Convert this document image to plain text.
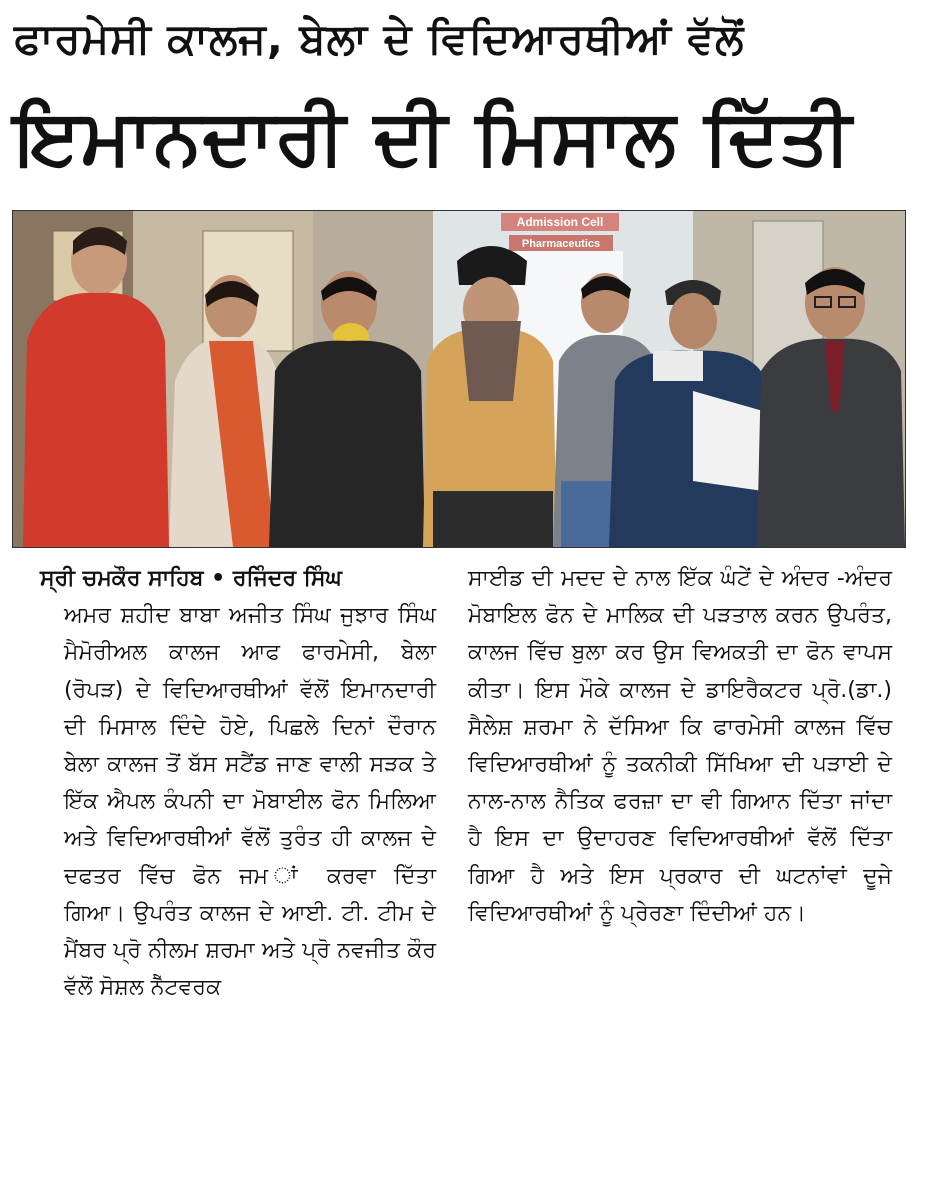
ਫਾਰਮੇਸੀ ਕਾਲਜ, ਬੇਲਾ ਦੇ ਵਿਦਿਆਰਥੀਆਂ ਵੱਲੋਂ
ਇਮਾਨਦਾਰੀ ਦੀ ਮਿਸਾਲ ਦਿੱਤੀ
Admission Cell
Pharmaceutics
ਸ੍ਰੀ ਚਮਕੌਰ ਸਾਹਿਬ • ਰਜਿੰਦਰ ਸਿੰਘ
ਅਮਰ ਸ਼ਹੀਦ ਬਾਬਾ ਅਜੀਤ ਸਿੰਘ ਜੁਝਾਰ ਸਿੰਘ ਮੈਮੋਰੀਅਲ ਕਾਲਜ ਆਫ ਫਾਰਮੇਸੀ, ਬੇਲਾ (ਰੋਪੜ) ਦੇ ਵਿਦਿਆਰਥੀਆਂ ਵੱਲੋਂ ਇਮਾਨਦਾਰੀ ਦੀ ਮਿਸਾਲ ਦਿੰਦੇ ਹੋਏ, ਪਿਛਲੇ ਦਿਨਾਂ ਦੌਰਾਨ ਬੇਲਾ ਕਾਲਜ ਤੋਂ ਬੱਸ ਸਟੈਂਡ ਜਾਣ ਵਾਲੀ ਸੜਕ ਤੇ ਇੱਕ ਐਪਲ ਕੰਪਨੀ ਦਾ ਮੋਬਾਈਲ ਫੋਨ ਮਿਲਿਆ ਅਤੇ ਵਿਦਿਆਰਥੀਆਂ ਵੱਲੋਂ ਤੁਰੰਤ ਹੀ ਕਾਲਜ ਦੇ ਦਫਤਰ ਵਿੱਚ ਫੋਨ ਜਮ ਾਂ ਕਰਵਾ ਦਿੱਤਾ ਗਿਆ। ਉਪਰੰਤ ਕਾਲਜ ਦੇ ਆਈ. ਟੀ. ਟੀਮ ਦੇ ਮੈਂਬਰ ਪ੍ਰੋ ਨੀਲਮ ਸ਼ਰਮਾ ਅਤੇ ਪ੍ਰੋ ਨਵਜੀਤ ਕੌਰ ਵੱਲੋਂ ਸੋਸ਼ਲ ਨੈੱਟਵਰਕ
ਸਾਈਡ ਦੀ ਮਦਦ ਦੇ ਨਾਲ ਇੱਕ ਘੰਟੇਂ ਦੇ ਅੰਦਰ -ਅੰਦਰ ਮੋਬਾਇਲ ਫੋਨ ਦੇ ਮਾਲਿਕ ਦੀ ਪੜਤਾਲ ਕਰਨ ਉਪਰੰਤ, ਕਾਲਜ ਵਿੱਚ ਬੁਲਾ ਕਰ ਉਸ ਵਿਅਕਤੀ ਦਾ ਫੋਨ ਵਾਪਸ ਕੀਤਾ। ਇਸ ਮੌਕੇ ਕਾਲਜ ਦੇ ਡਾਇਰੈਕਟਰ ਪ੍ਰੋ.(ਡਾ.) ਸੈਲੇਸ਼ ਸ਼ਰਮਾ ਨੇ ਦੱਸਿਆ ਕਿ ਫਾਰਮੇਸੀ ਕਾਲਜ ਵਿੱਚ ਵਿਦਿਆਰਥੀਆਂ ਨੂੰ ਤਕਨੀਕੀ ਸਿੱਖਿਆ ਦੀ ਪੜਾਈ ਦੇ ਨਾਲ-ਨਾਲ ਨੈਤਿਕ ਫਰਜ਼ਾ ਦਾ ਵੀ ਗਿਆਨ ਦਿੱਤਾ ਜਾਂਦਾ ਹੈ ਇਸ ਦਾ ਉਦਾਹਰਣ ਵਿਦਿਆਰਥੀਆਂ ਵੱਲੋਂ ਦਿੱਤਾ ਗਿਆ ਹੈ ਅਤੇ ਇਸ ਪ੍ਰਕਾਰ ਦੀ ਘਟਨਾਂਵਾਂ ਦੂਜੇ ਵਿਦਿਆਰਥੀਆਂ ਨੂੰ ਪ੍ਰੇਰਣਾ ਦਿੰਦੀਆਂ ਹਨ।
